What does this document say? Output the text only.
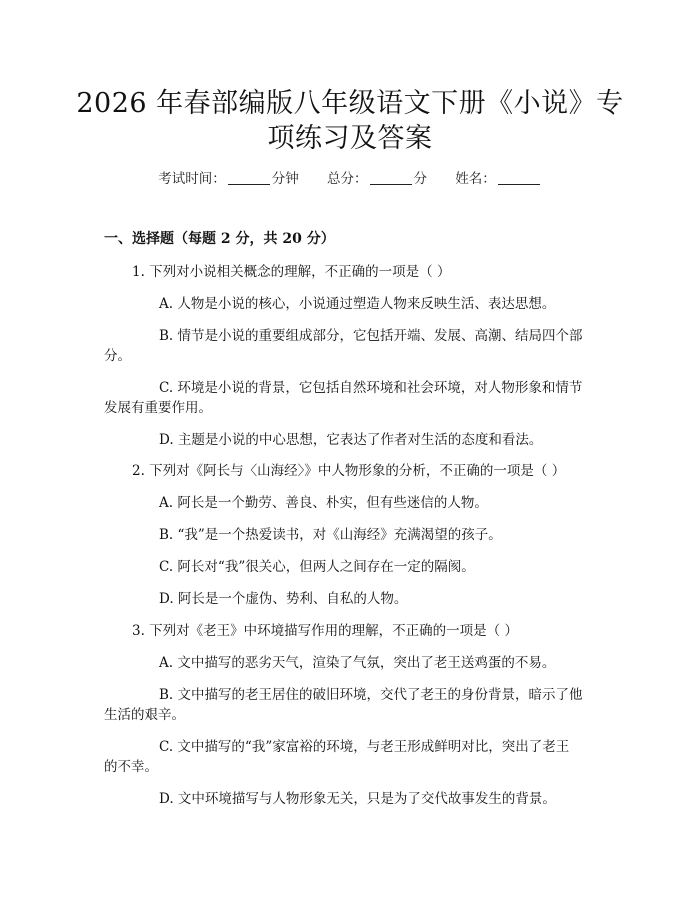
2026 年春部编版八年级语文下册《小说》专
项练习及答案
考试时间：	分钟 总分：	分 姓名：
一、选择题（每题 2 分，共 20 分）
1. 下列对小说相关概念的理解，不正确的一项是（ ）
A. 人物是小说的核心，小说通过塑造人物来反映生活、表达思想。
B. 情节是小说的重要组成部分，它包括开端、发展、高潮、结局四个部
分。
C. 环境是小说的背景，它包括自然环境和社会环境，对人物形象和情节
发展有重要作用。
D. 主题是小说的中心思想，它表达了作者对生活的态度和看法。
2. 下列对《阿长与〈山海经〉》中人物形象的分析，不正确的一项是（ ）
A. 阿长是一个勤劳、善良、朴实，但有些迷信的人物。
B. “我”是一个热爱读书，对《山海经》充满渴望的孩子。
C. 阿长对“我”很关心，但两人之间存在一定的隔阂。
D. 阿长是一个虚伪、势利、自私的人物。
3. 下列对《老王》中环境描写作用的理解，不正确的一项是（ ）
A. 文中描写的恶劣天气，渲染了气氛，突出了老王送鸡蛋的不易。
B. 文中描写的老王居住的破旧环境，交代了老王的身份背景，暗示了他
生活的艰辛。
C. 文中描写的“我”家富裕的环境，与老王形成鲜明对比，突出了老王
的不幸。
D. 文中环境描写与人物形象无关，只是为了交代故事发生的背景。
